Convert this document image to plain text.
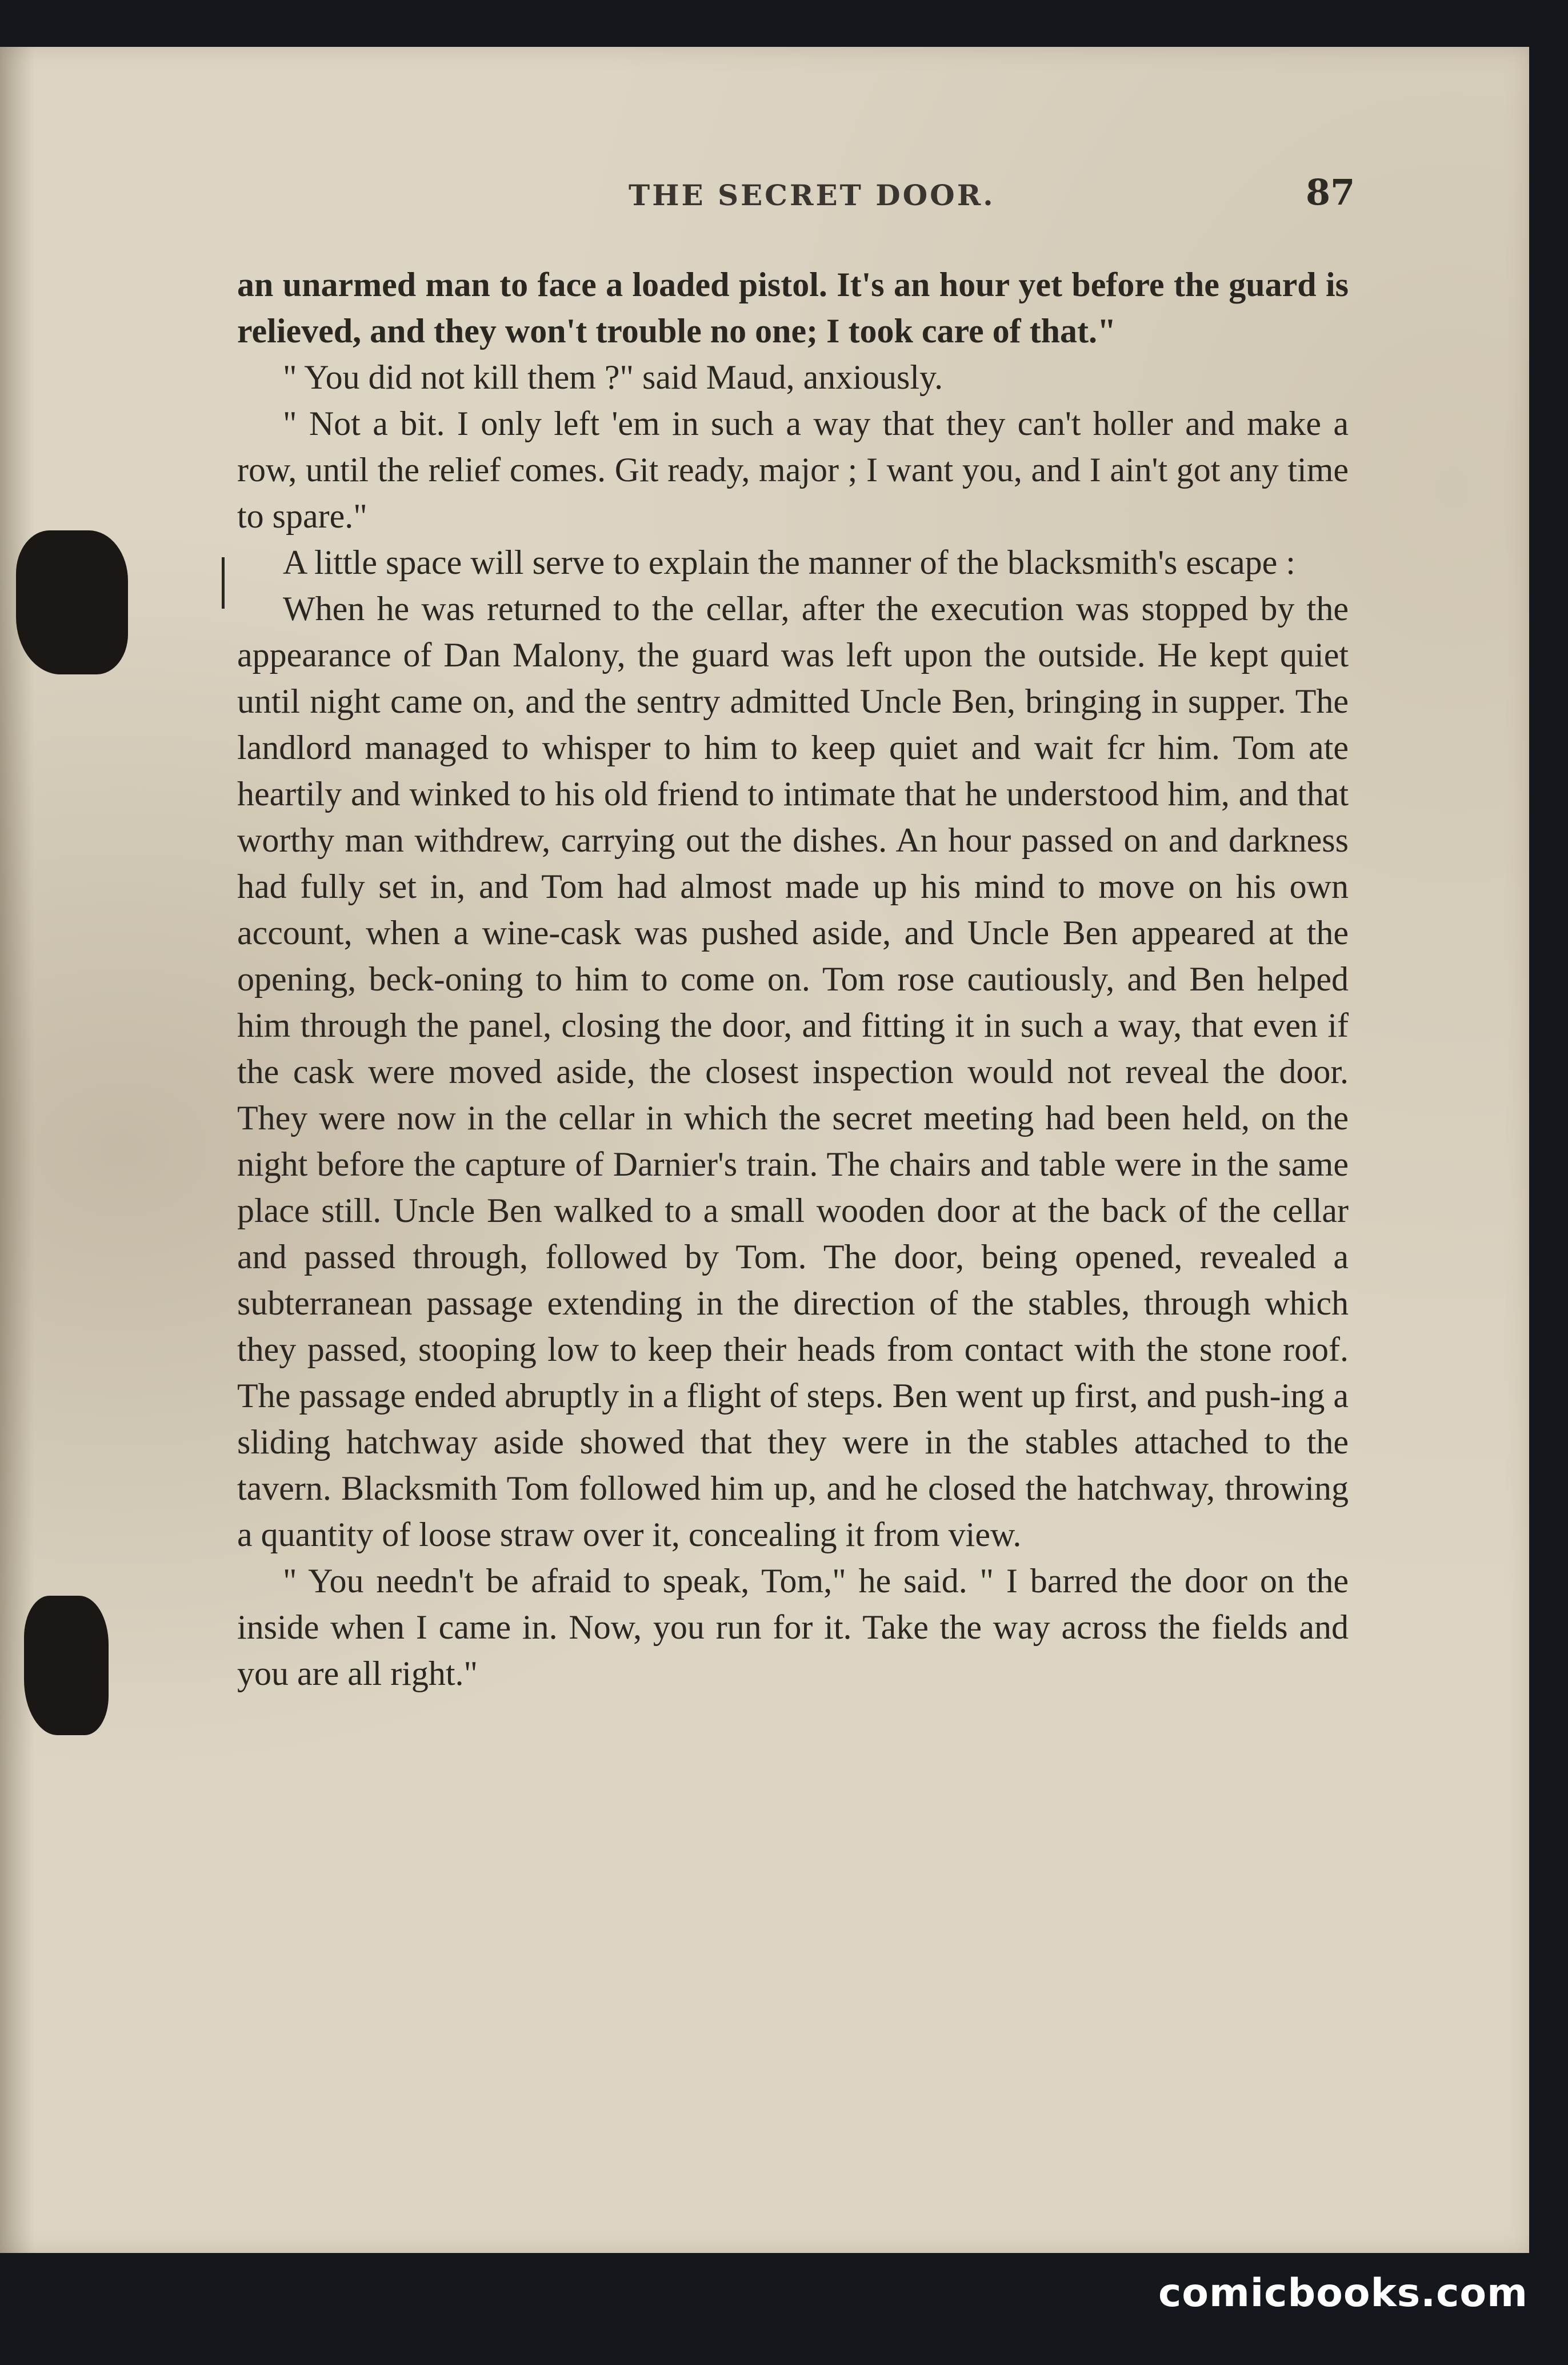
THE SECRET DOOR.	87

an unarmed man to face a loaded pistol. It's an hour yet before the guard is relieved, and they won't trouble no one; I took care of that."

" You did not kill them ?" said Maud, anxiously.

" Not a bit. I only left 'em in such a way that they can't holler and make a row, until the relief comes. Git ready, major ; I want you, and I ain't got any time to spare."

A little space will serve to explain the manner of the blacksmith's escape :

When he was returned to the cellar, after the execution was stopped by the appearance of Dan Malony, the guard was left upon the outside. He kept quiet until night came on, and the sentry admitted Uncle Ben, bringing in supper. The landlord managed to whisper to him to keep quiet and wait fcr him. Tom ate heartily and winked to his old friend to intimate that he understood him, and that worthy man withdrew, carrying out the dishes. An hour passed on and darkness had fully set in, and Tom had almost made up his mind to move on his own account, when a wine-cask was pushed aside, and Uncle Ben appeared at the opening, beck-oning to him to come on. Tom rose cautiously, and Ben helped him through the panel, closing the door, and fitting it in such a way, that even if the cask were moved aside, the closest inspection would not reveal the door. They were now in the cellar in which the secret meeting had been held, on the night before the capture of Darnier's train. The chairs and table were in the same place still. Uncle Ben walked to a small wooden door at the back of the cellar and passed through, followed by Tom. The door, being opened, revealed a subterranean passage extending in the direction of the stables, through which they passed, stooping low to keep their heads from contact with the stone roof. The passage ended abruptly in a flight of steps. Ben went up first, and push-ing a sliding hatchway aside showed that they were in the stables attached to the tavern. Blacksmith Tom followed him up, and he closed the hatchway, throwing a quantity of loose straw over it, concealing it from view.

" You needn't be afraid to speak, Tom," he said. " I barred the door on the inside when I came in. Now, you run for it. Take the way across the fields and you are all right."

comicbooks.com
